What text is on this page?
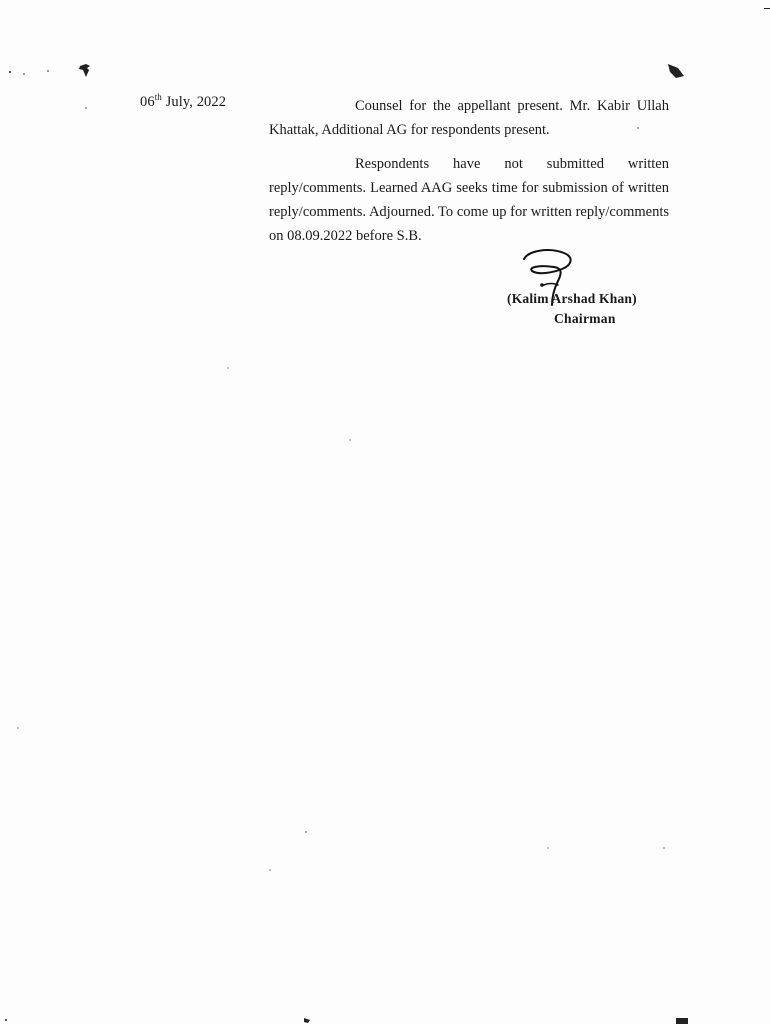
06th July, 2022	Counsel for the appellant present. Mr. Kabir Ullah Khattak, Additional AG for respondents present.

Respondents have not submitted written reply/comments. Learned AAG seeks time for submission of written reply/comments. Adjourned. To come up for written reply/comments on 08.09.2022 before S.B.

(Kalim Arshad Khan)
Chairman
